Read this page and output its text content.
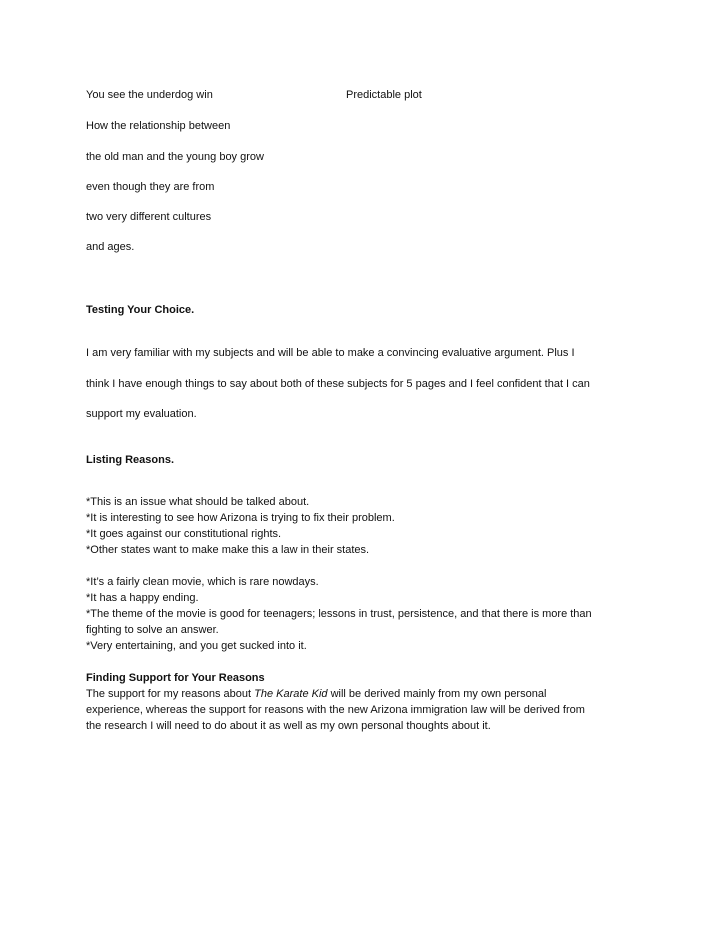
You see the underdog win	Predictable plot
How the relationship between
the old man and the young boy grow
even though they are from
two very different cultures
and ages.
Testing Your Choice.
I am very familiar with my subjects and will be able to make a convincing evaluative argument. Plus I
think I have enough things to say about both of these subjects for 5 pages and I feel confident that I can
support my evaluation.
Listing Reasons.
*This is an issue what should be talked about.
*It is interesting to see how Arizona is trying to fix their problem.
*It goes against our constitutional rights.
*Other states want to make make this a law in their states.
*It’s a fairly clean movie, which is rare nowdays.
*It has a happy ending.
*The theme of the movie is good for teenagers; lessons in trust, persistence, and that there is more than
fighting to solve an answer.
*Very entertaining, and you get sucked into it.
Finding Support for Your Reasons
The support for my reasons about The Karate Kid will be derived mainly from my own personal
experience, whereas the support for reasons with the new Arizona immigration law will be derived from
the research I will need to do about it as well as my own personal thoughts about it.
